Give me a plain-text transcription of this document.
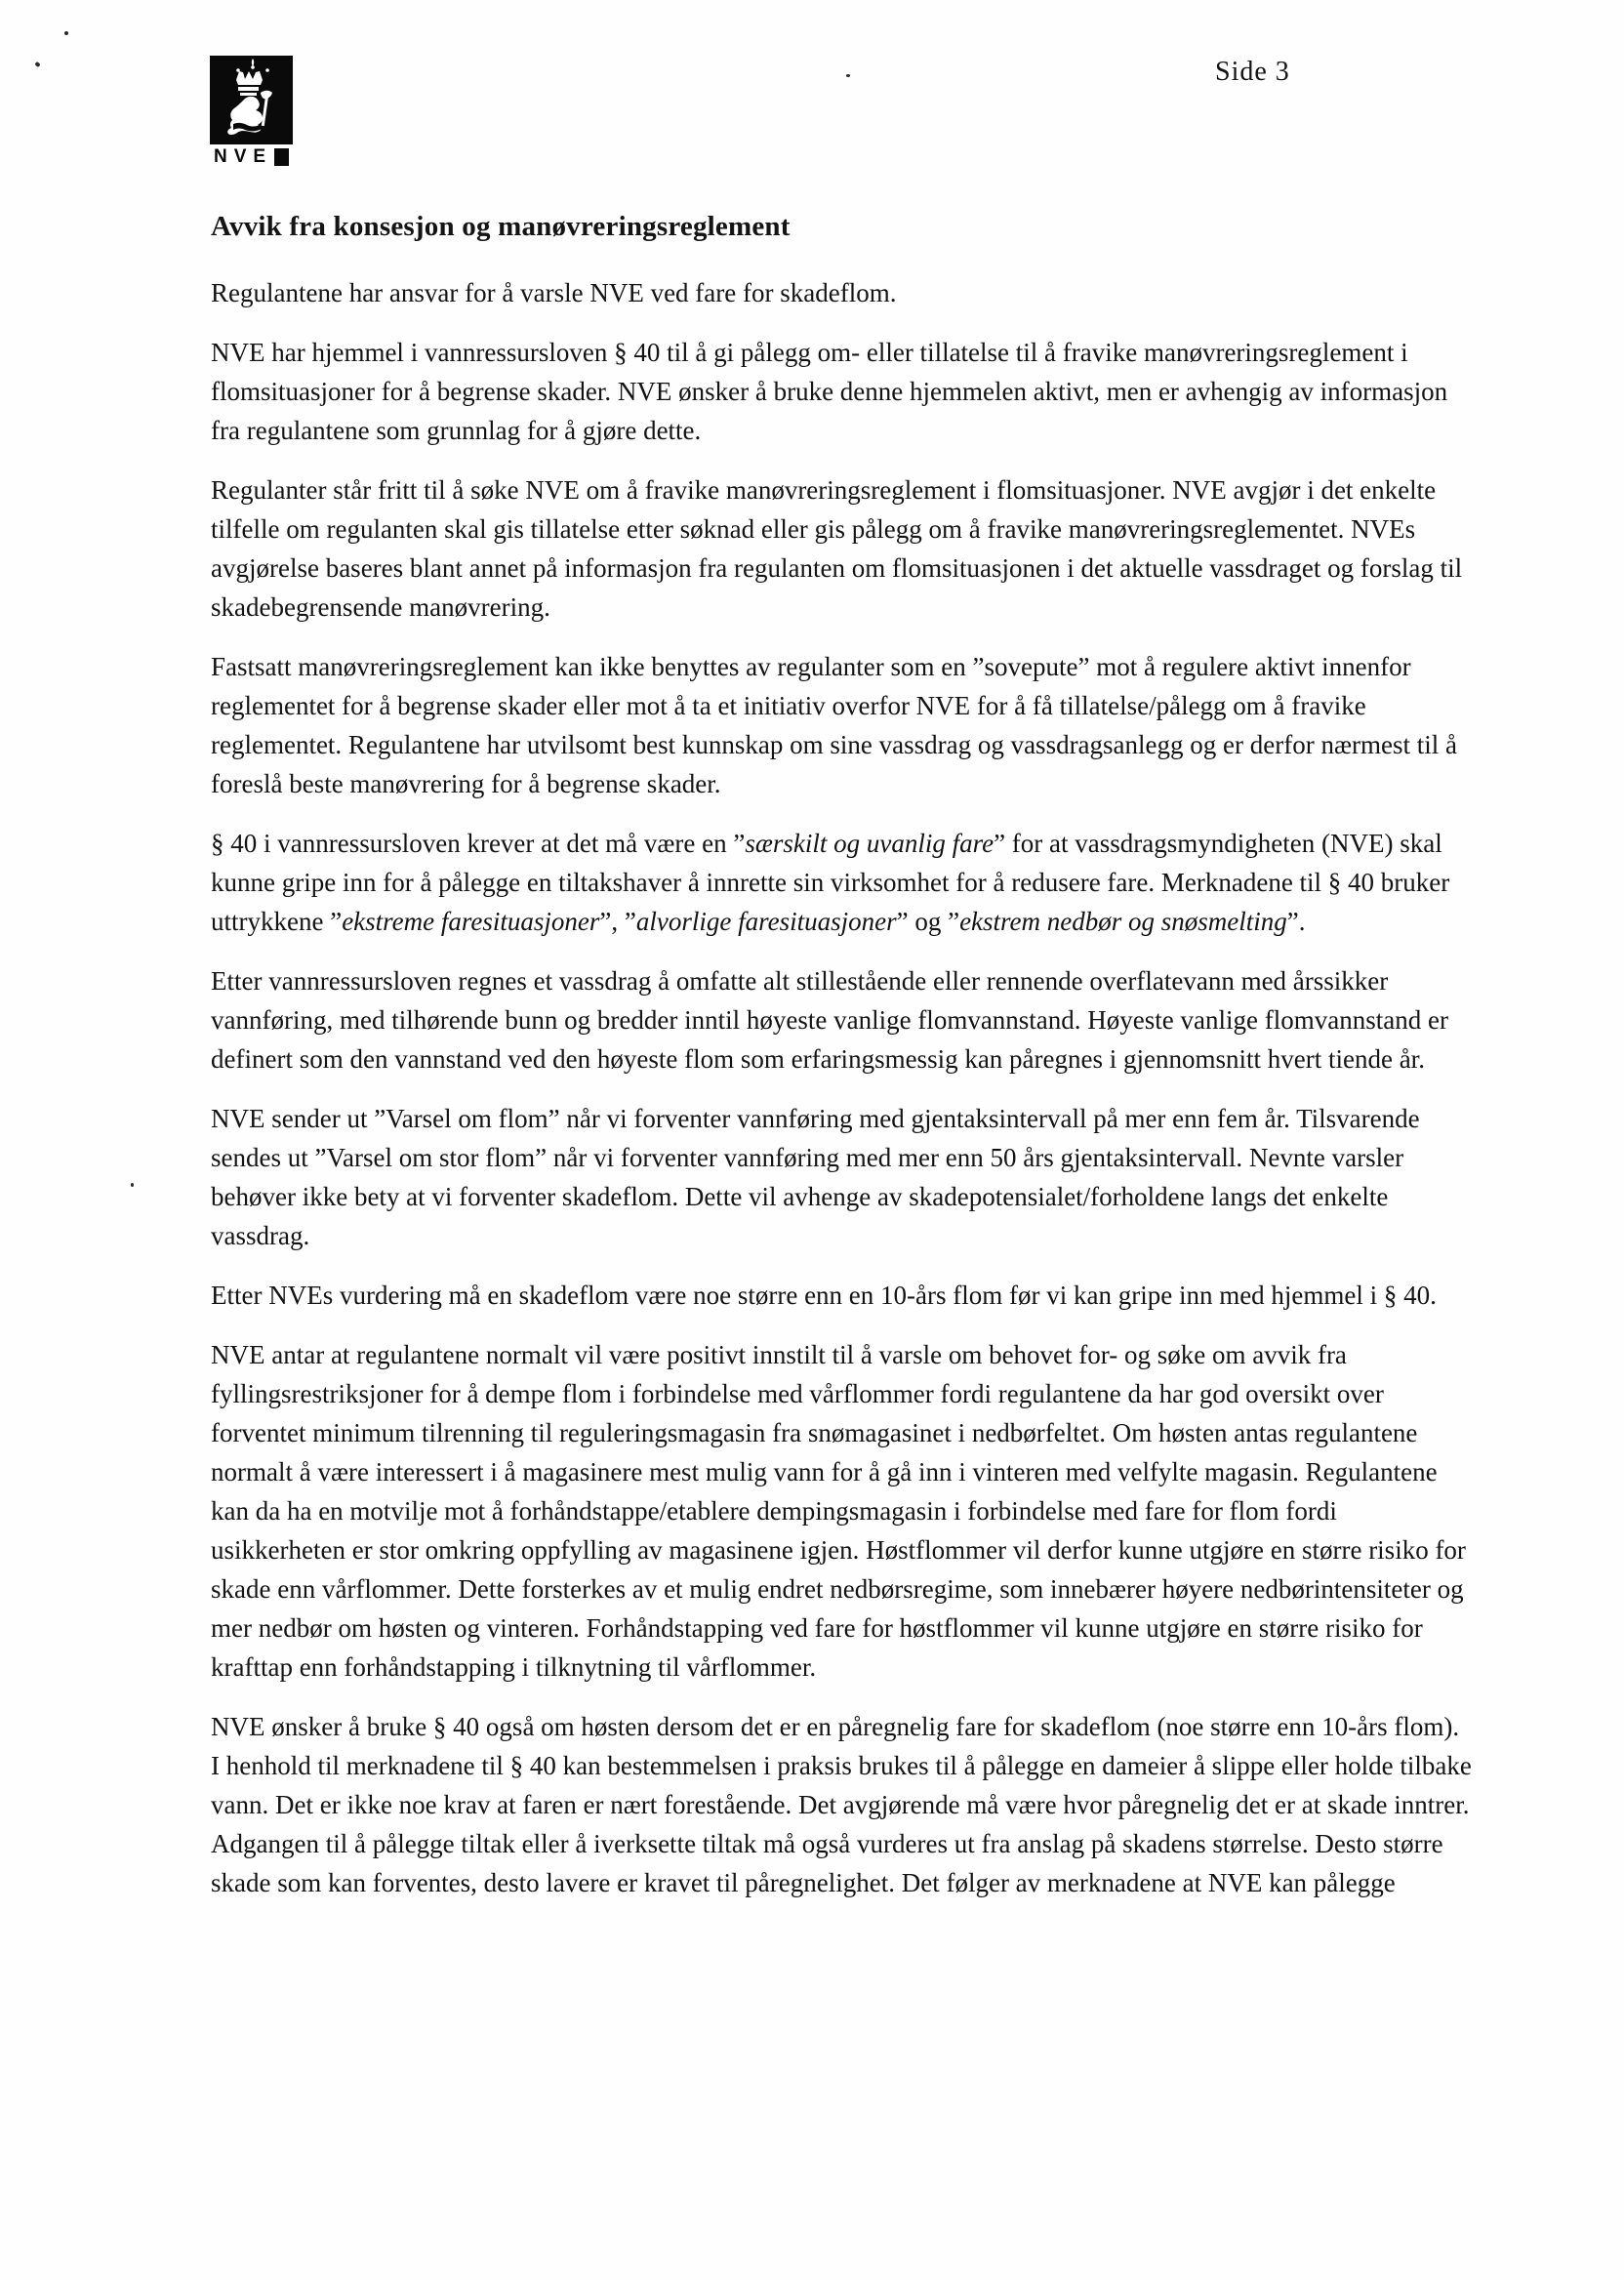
Side 3
NVE
Avvik fra konsesjon og manøvreringsreglement

Regulantene har ansvar for å varsle NVE ved fare for skadeflom.

NVE har hjemmel i vannressursloven § 40 til å gi pålegg om- eller tillatelse til å fravike manøvreringsreglement i flomsituasjoner for å begrense skader. NVE ønsker å bruke denne hjemmelen aktivt, men er avhengig av informasjon fra regulantene som grunnlag for å gjøre dette.

Regulanter står fritt til å søke NVE om å fravike manøvreringsreglement i flomsituasjoner. NVE avgjør i det enkelte tilfelle om regulanten skal gis tillatelse etter søknad eller gis pålegg om å fravike manøvreringsreglementet. NVEs avgjørelse baseres blant annet på informasjon fra regulanten om flomsituasjonen i det aktuelle vassdraget og forslag til skadebegrensende manøvrering.

Fastsatt manøvreringsreglement kan ikke benyttes av regulanter som en ”sovepute” mot å regulere aktivt innenfor reglementet for å begrense skader eller mot å ta et initiativ overfor NVE for å få tillatelse/pålegg om å fravike reglementet. Regulantene har utvilsomt best kunnskap om sine vassdrag og vassdragsanlegg og er derfor nærmest til å foreslå beste manøvrering for å begrense skader.

§ 40 i vannressursloven krever at det må være en ”særskilt og uvanlig fare” for at vassdragsmyndigheten (NVE) skal kunne gripe inn for å pålegge en tiltakshaver å innrette sin virksomhet for å redusere fare. Merknadene til § 40 bruker uttrykkene ”ekstreme faresituasjoner”, ”alvorlige faresituasjoner” og ”ekstrem nedbør og snøsmelting”.

Etter vannressursloven regnes et vassdrag å omfatte alt stillestående eller rennende overflatevann med årssikker vannføring, med tilhørende bunn og bredder inntil høyeste vanlige flomvannstand. Høyeste vanlige flomvannstand er definert som den vannstand ved den høyeste flom som erfaringsmessig kan påregnes i gjennomsnitt hvert tiende år.

NVE sender ut ”Varsel om flom” når vi forventer vannføring med gjentaksintervall på mer enn fem år. Tilsvarende sendes ut ”Varsel om stor flom” når vi forventer vannføring med mer enn 50 års gjentaksintervall. Nevnte varsler behøver ikke bety at vi forventer skadeflom. Dette vil avhenge av skadepotensialet/forholdene langs det enkelte vassdrag.

Etter NVEs vurdering må en skadeflom være noe større enn en 10-års flom før vi kan gripe inn med hjemmel i § 40.

NVE antar at regulantene normalt vil være positivt innstilt til å varsle om behovet for- og søke om avvik fra fyllingsrestriksjoner for å dempe flom i forbindelse med vårflommer fordi regulantene da har god oversikt over forventet minimum tilrenning til reguleringsmagasin fra snømagasinet i nedbørfeltet. Om høsten antas regulantene normalt å være interessert i å magasinere mest mulig vann for å gå inn i vinteren med velfylte magasin. Regulantene kan da ha en motvilje mot å forhåndstappe/etablere dempingsmagasin i forbindelse med fare for flom fordi usikkerheten er stor omkring oppfylling av magasinene igjen. Høstflommer vil derfor kunne utgjøre en større risiko for skade enn vårflommer. Dette forsterkes av et mulig endret nedbørsregime, som innebærer høyere nedbørintensiteter og mer nedbør om høsten og vinteren. Forhåndstapping ved fare for høstflommer vil kunne utgjøre en større risiko for krafttap enn forhåndstapping i tilknytning til vårflommer.

NVE ønsker å bruke § 40 også om høsten dersom det er en påregnelig fare for skadeflom (noe større enn 10-års flom). I henhold til merknadene til § 40 kan bestemmelsen i praksis brukes til å pålegge en dameier å slippe eller holde tilbake vann. Det er ikke noe krav at faren er nært forestående. Det avgjørende må være hvor påregnelig det er at skade inntrer. Adgangen til å pålegge tiltak eller å iverksette tiltak må også vurderes ut fra anslag på skadens størrelse. Desto større skade som kan forventes, desto lavere er kravet til påregnelighet. Det følger av merknadene at NVE kan pålegge
